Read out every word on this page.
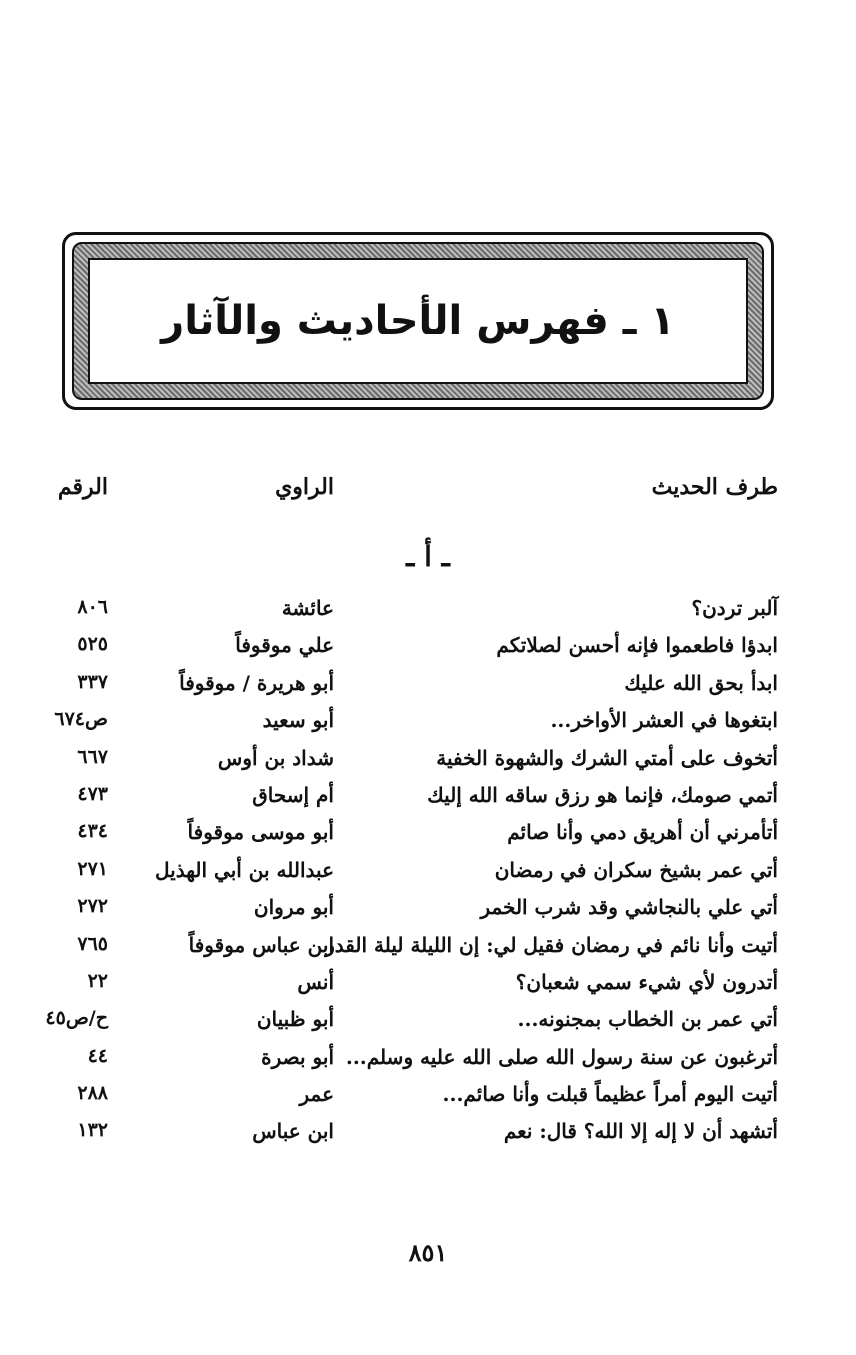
١ ـ فهرس الأحاديث والآثار
طرف الحديث
الراوي
الرقم
ـ أ ـ
آلبر تردن؟
عائشة
٨٠٦
ابدؤا فاطعموا فإنه أحسن لصلاتكم
علي موقوفاً
٥٢٥
ابدأ بحق الله عليك
أبو هريرة / موقوفاً
٣٣٧
ابتغوها في العشر الأواخر...
أبو سعيد
ص٦٧٤
أتخوف على أمتي الشرك والشهوة الخفية
شداد بن أوس
٦٦٧
أتمي صومك، فإنما هو رزق ساقه الله إليك
أم إسحاق
٤٧٣
أتأمرني أن أهريق دمي وأنا صائم
أبو موسى موقوفاً
٤٣٤
أتي عمر بشيخ سكران في رمضان
عبدالله بن أبي الهذيل
٢٧١
أتي علي بالنجاشي وقد شرب الخمر
أبو مروان
٢٧٢
أتيت وأنا نائم في رمضان فقيل لي: إن الليلة ليلة القدر
ابن عباس موقوفاً
٧٦٥
أتدرون لأي شيء سمي شعبان؟
أنس
٢٢
أتي عمر بن الخطاب بمجنونه...
أبو ظبيان
ح/ص٤٥
أترغبون عن سنة رسول الله صلى الله عليه وسلم...
أبو بصرة
٤٤
أتيت اليوم أمراً عظيماً قبلت وأنا صائم...
عمر
٢٨٨
أتشهد أن لا إله إلا الله؟ قال: نعم
ابن عباس
١٣٢
٨٥١
